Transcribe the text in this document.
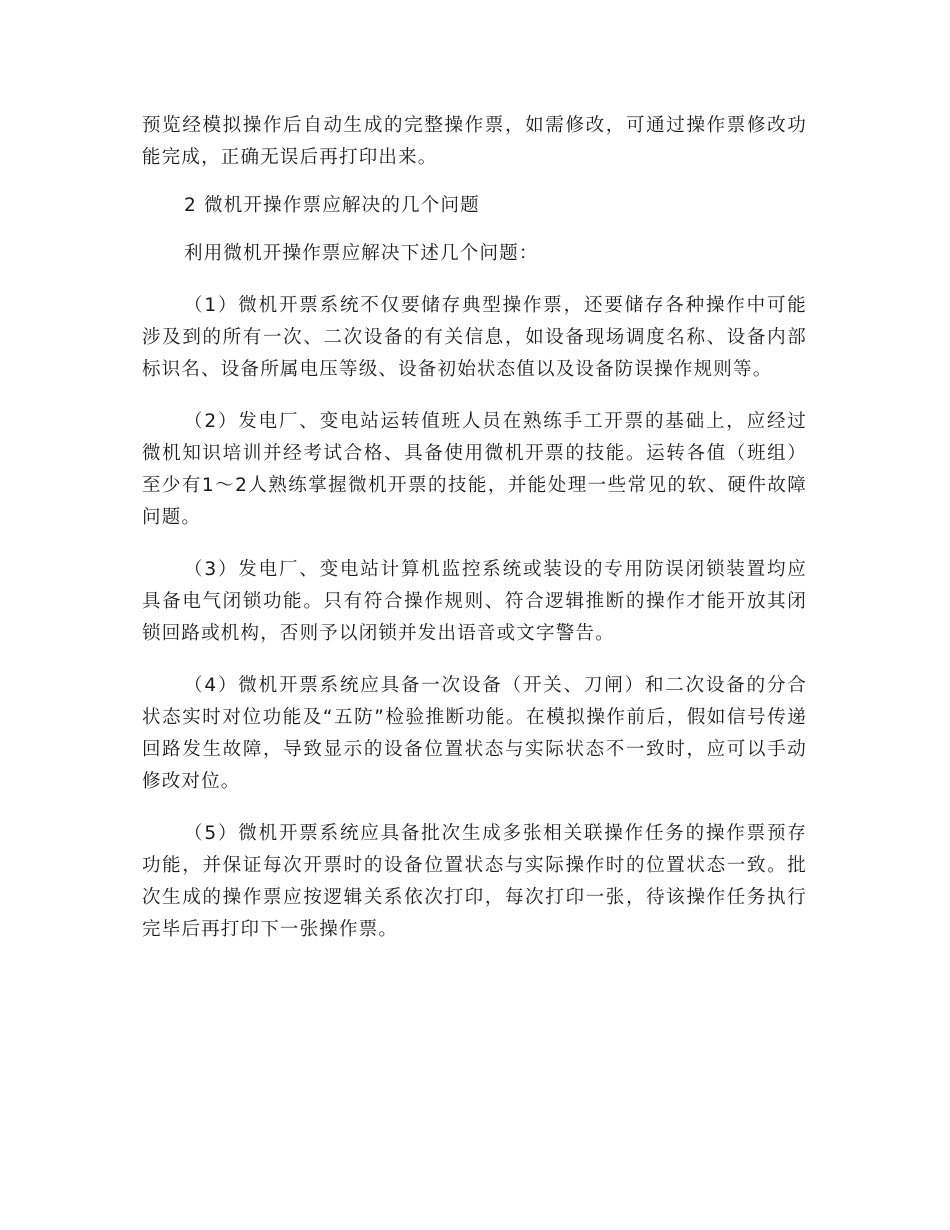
预览经模拟操作后自动生成的完整操作票，如需修改，可通过操作票修改功能完成，正确无误后再打印出来。

2 微机开操作票应解决的几个问题

利用微机开操作票应解决下述几个问题：

（1）微机开票系统不仅要储存典型操作票，还要储存各种操作中可能涉及到的所有一次、二次设备的有关信息，如设备现场调度名称、设备内部标识名、设备所属电压等级、设备初始状态值以及设备防误操作规则等。

（2）发电厂、变电站运转值班人员在熟练手工开票的基础上，应经过微机知识培训并经考试合格、具备使用微机开票的技能。运转各值（班组）至少有1～2人熟练掌握微机开票的技能，并能处理一些常见的软、硬件故障问题。

（3）发电厂、变电站计算机监控系统或装设的专用防误闭锁装置均应具备电气闭锁功能。只有符合操作规则、符合逻辑推断的操作才能开放其闭锁回路或机构，否则予以闭锁并发出语音或文字警告。

（4）微机开票系统应具备一次设备（开关、刀闸）和二次设备的分合状态实时对位功能及“五防”检验推断功能。在模拟操作前后，假如信号传递回路发生故障，导致显示的设备位置状态与实际状态不一致时，应可以手动修改对位。

（5）微机开票系统应具备批次生成多张相关联操作任务的操作票预存功能，并保证每次开票时的设备位置状态与实际操作时的位置状态一致。批次生成的操作票应按逻辑关系依次打印，每次打印一张，待该操作任务执行完毕后再打印下一张操作票。
